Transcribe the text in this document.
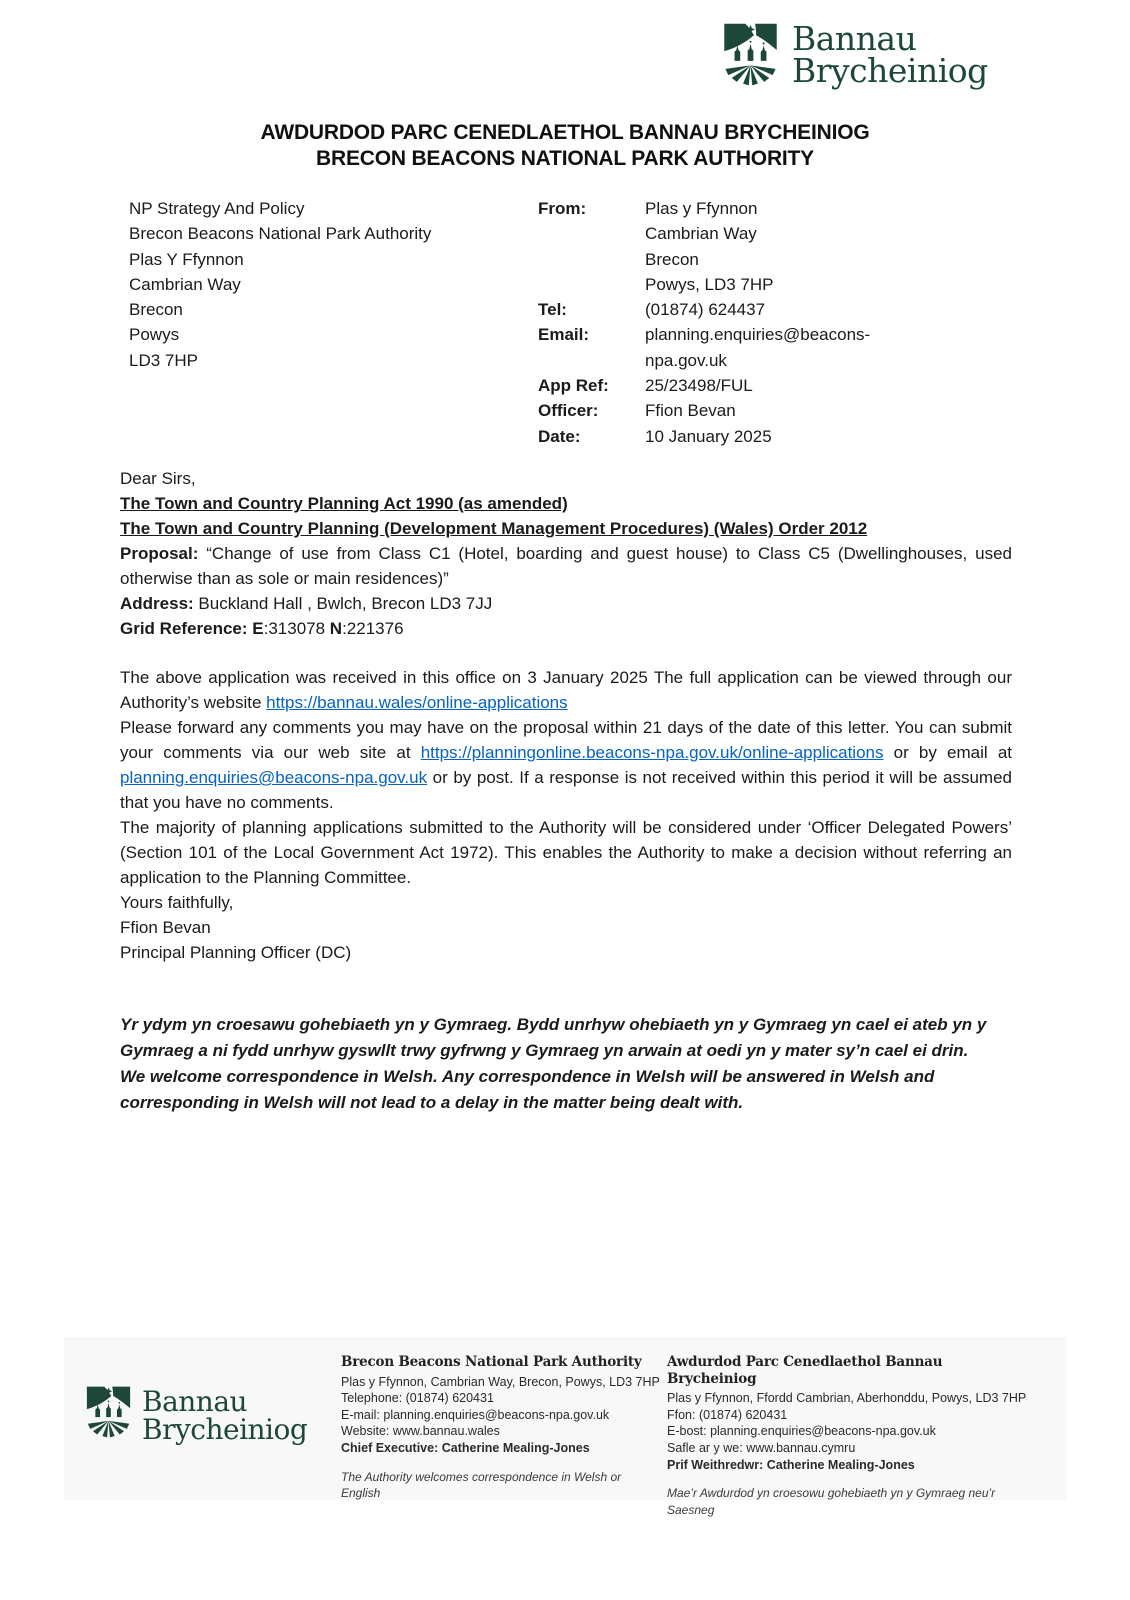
Bannau
Brycheiniog
AWDURDOD PARC CENEDLAETHOL BANNAU BRYCHEINIOG
BRECON BEACONS NATIONAL PARK AUTHORITY
NP Strategy And Policy
Brecon Beacons National Park Authority
Plas Y Ffynnon
Cambrian Way
Brecon
Powys
LD3 7HP
From:	Plas y Ffynnon
Cambrian Way
Brecon
Powys, LD3 7HP
Tel:	(01874) 624437
Email:	planning.enquiries@beacons-npa.gov.uk
App Ref:	25/23498/FUL
Officer:	Ffion Bevan
Date:	10 January 2025

Dear Sirs,

The Town and Country Planning Act 1990 (as amended)

The Town and Country Planning (Development Management Procedures) (Wales) Order 2012

Proposal: “Change of use from Class C1 (Hotel, boarding and guest house) to Class C5 (Dwellinghouses, used otherwise than as sole or main residences)”

Address: Buckland Hall , Bwlch, Brecon LD3 7JJ

Grid Reference: E:313078 N:221376

The above application was received in this office on 3 January 2025 The full application can be viewed through our Authority’s website https://bannau.wales/online-applications

Please forward any comments you may have on the proposal within 21 days of the date of this letter. You can submit your comments via our web site at https://planningonline.beacons-npa.gov.uk/online-applications or by email at planning.enquiries@beacons-npa.gov.uk or by post. If a response is not received within this period it will be assumed that you have no comments.

The majority of planning applications submitted to the Authority will be considered under ‘Officer Delegated Powers’ (Section 101 of the Local Government Act 1972). This enables the Authority to make a decision without referring an application to the Planning Committee.

Yours faithfully,

Ffion Bevan

Principal Planning Officer (DC)

Yr ydym yn croesawu gohebiaeth yn y Gymraeg. Bydd unrhyw ohebiaeth yn y Gymraeg yn cael ei ateb yn y Gymraeg a ni fydd unrhyw gyswllt trwy gyfrwng y Gymraeg yn arwain at oedi yn y mater sy’n cael ei drin.

We welcome correspondence in Welsh. Any correspondence in Welsh will be answered in Welsh and corresponding in Welsh will not lead to a delay in the matter being dealt with.

Bannau
Brycheiniog
Brecon Beacons National Park Authority
Plas y Ffynnon, Cambrian Way, Brecon, Powys, LD3 7HP
Telephone: (01874) 620431
E-mail: planning.enquiries@beacons-npa.gov.uk
Website: www.bannau.wales
Chief Executive: Catherine Mealing-Jones
The Authority welcomes correspondence in Welsh or English
Awdurdod Parc Cenedlaethol Bannau Brycheiniog
Plas y Ffynnon, Ffordd Cambrian, Aberhonddu, Powys, LD3 7HP
Ffon: (01874) 620431
E-bost: planning.enquiries@beacons-npa.gov.uk
Safle ar y we: www.bannau.cymru
Prif Weithredwr: Catherine Mealing-Jones
Mae’r Awdurdod yn croesowu gohebiaeth yn y Gymraeg neu’r Saesneg
